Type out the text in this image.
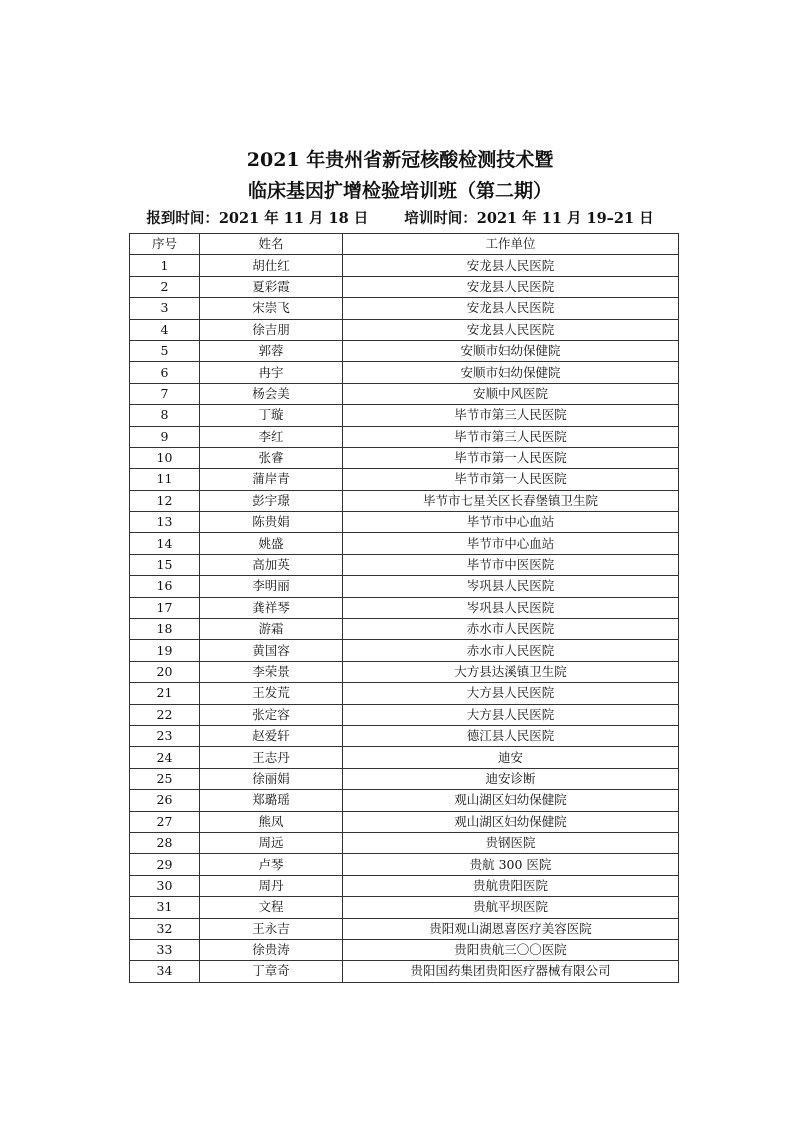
2021 年贵州省新冠核酸检测技术暨
临床基因扩增检验培训班（第二期）
报到时间：2021 年 11 月 18 日 培训时间：2021 年 11 月 19–21 日
序号	姓名	工作单位
1	胡仕红	安龙县人民医院
2	夏彩霞	安龙县人民医院
3	宋崇飞	安龙县人民医院
4	徐吉朋	安龙县人民医院
5	郭蓉	安顺市妇幼保健院
6	冉宇	安顺市妇幼保健院
7	杨会美	安顺中风医院
8	丁璇	毕节市第三人民医院
9	李红	毕节市第三人民医院
10	张睿	毕节市第一人民医院
11	蒲岸青	毕节市第一人民医院
12	彭宇璟	毕节市七星关区长春堡镇卫生院
13	陈贵娟	毕节市中心血站
14	姚盛	毕节市中心血站
15	高加英	毕节市中医医院
16	李明丽	岑巩县人民医院
17	龚祥琴	岑巩县人民医院
18	游霜	赤水市人民医院
19	黄国容	赤水市人民医院
20	李荣景	大方县达溪镇卫生院
21	王发荒	大方县人民医院
22	张定容	大方县人民医院
23	赵爱轩	德江县人民医院
24	王志丹	迪安
25	徐丽娟	迪安诊断
26	郑璐瑶	观山湖区妇幼保健院
27	熊凤	观山湖区妇幼保健院
28	周远	贵钢医院
29	卢琴	贵航 300 医院
30	周丹	贵航贵阳医院
31	文程	贵航平坝医院
32	王永吉	贵阳观山湖恩喜医疗美容医院
33	徐贵涛	贵阳贵航三〇〇医院
34	丁章奇	贵阳国药集团贵阳医疗器械有限公司
